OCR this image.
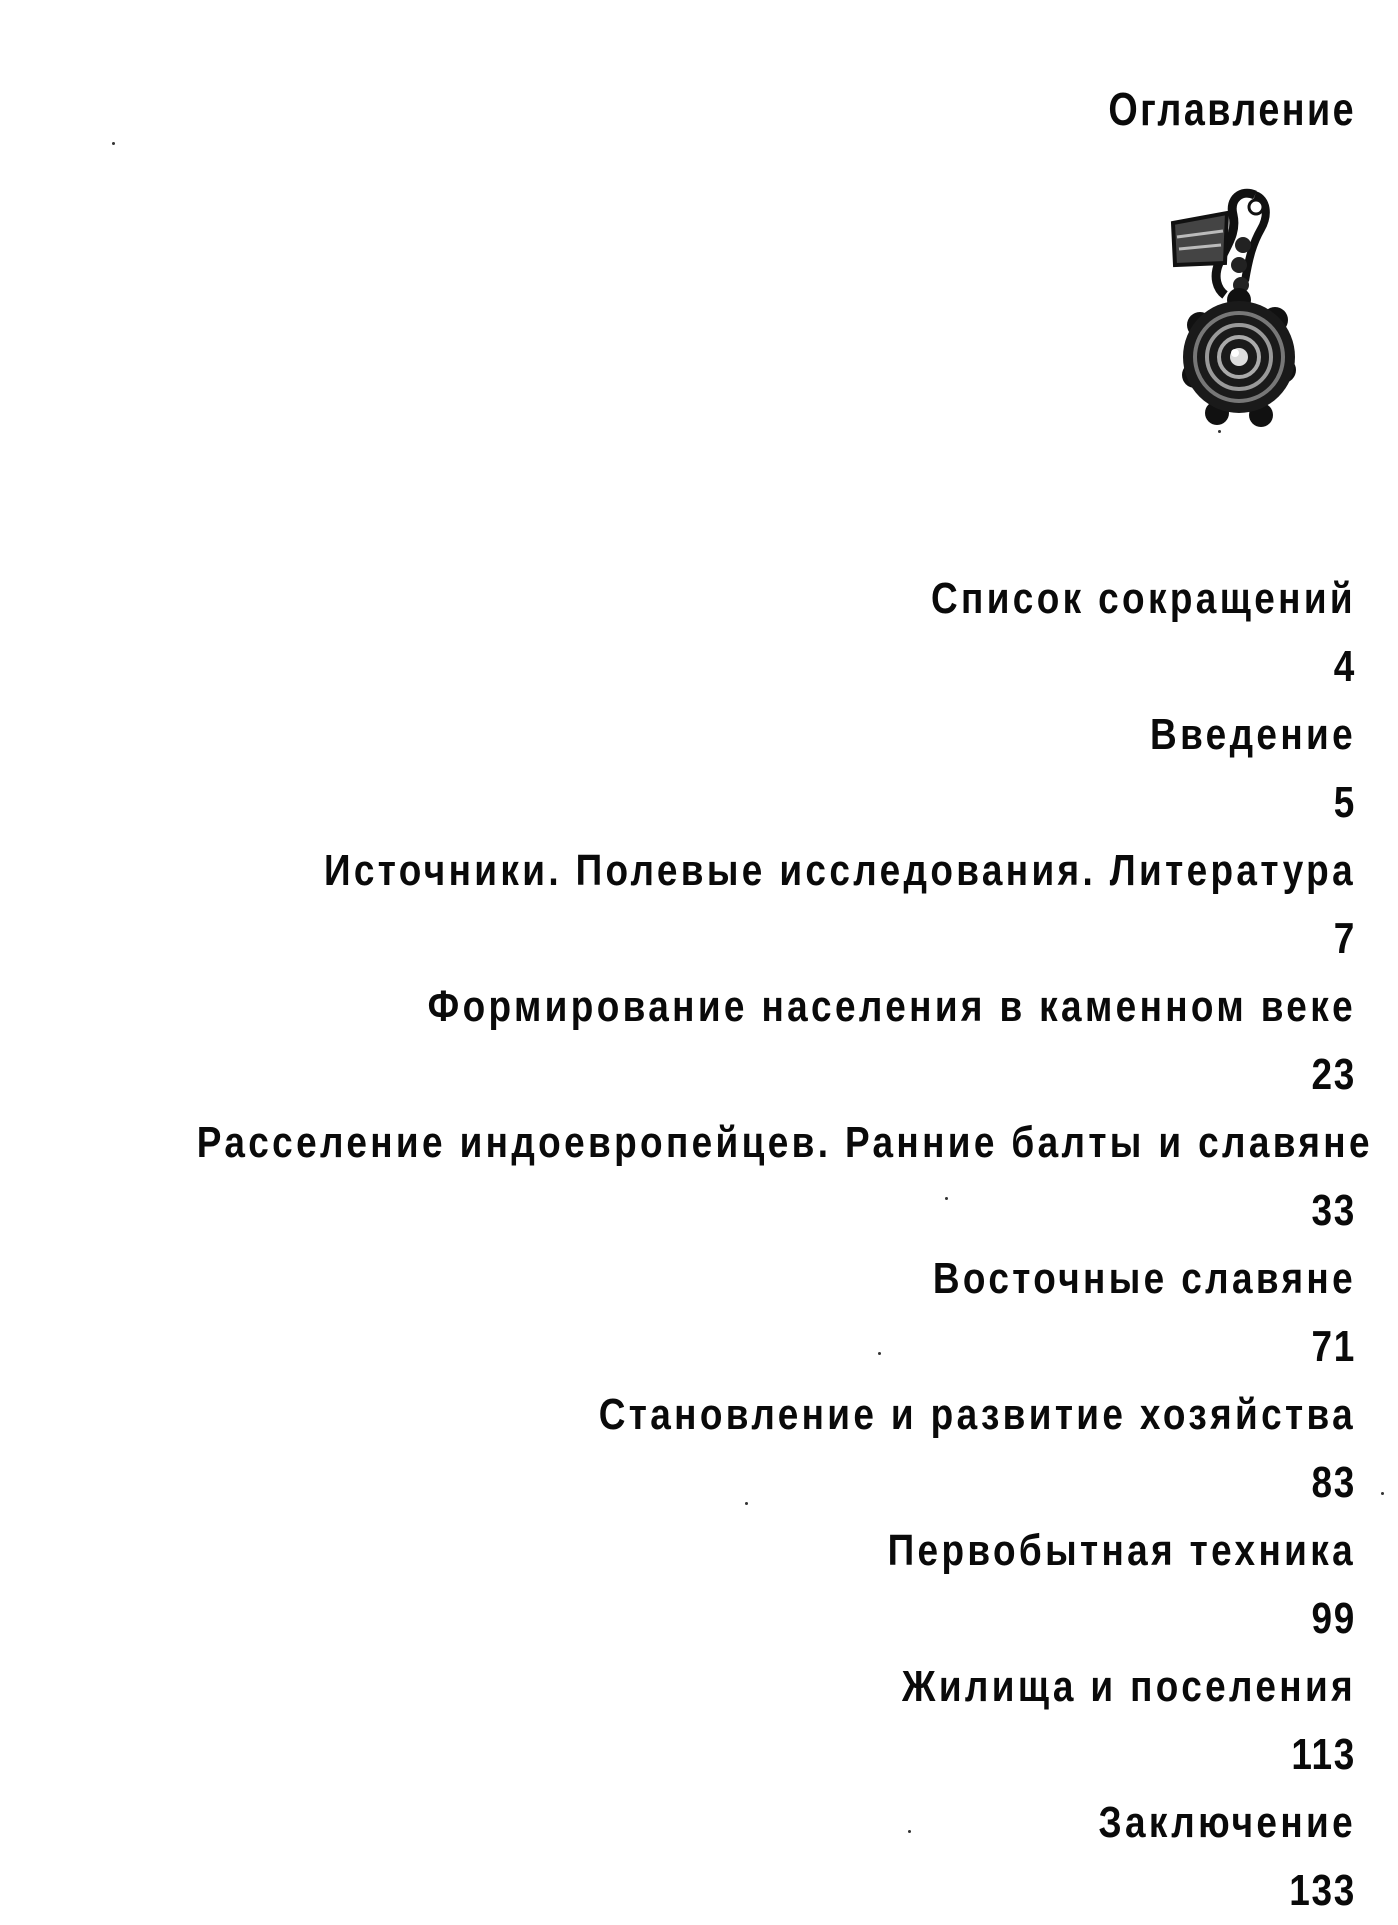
Оглавление
Список сокращений
4
Введение
5
Источники. Полевые исследования. Литература
7
Формирование населения в каменном веке
23
Расселение индоевропейцев. Ранние балты и славяне
33
Восточные славяне
71
Становление и развитие хозяйства
83
Первобытная техника
99
Жилища и поселения
113
Заключение
133
